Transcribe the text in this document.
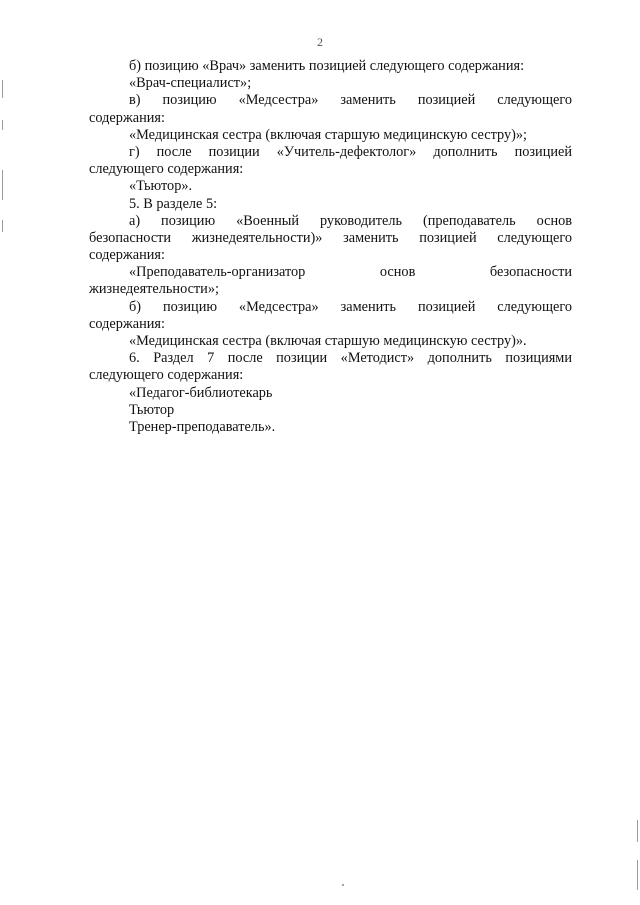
2
б) позицию «Врач» заменить позицией следующего содержания:
«Врач-специалист»;
в) позицию «Медсестра» заменить позицией следующего
содержания:
«Медицинская сестра (включая старшую медицинскую сестру)»;
г) после позиции «Учитель-дефектолог» дополнить позицией
следующего содержания:
«Тьютор».
5. В разделе 5:
а) позицию «Военный руководитель (преподаватель основ
безопасности жизнедеятельности)» заменить позицией следующего
содержания:
«Преподаватель-организатор основ безопасности
жизнедеятельности»;
б) позицию «Медсестра» заменить позицией следующего
содержания:
«Медицинская сестра (включая старшую медицинскую сестру)».
6. Раздел 7 после позиции «Методист» дополнить позициями
следующего содержания:
«Педагог-библиотекарь
Тьютор
Тренер-преподаватель».
